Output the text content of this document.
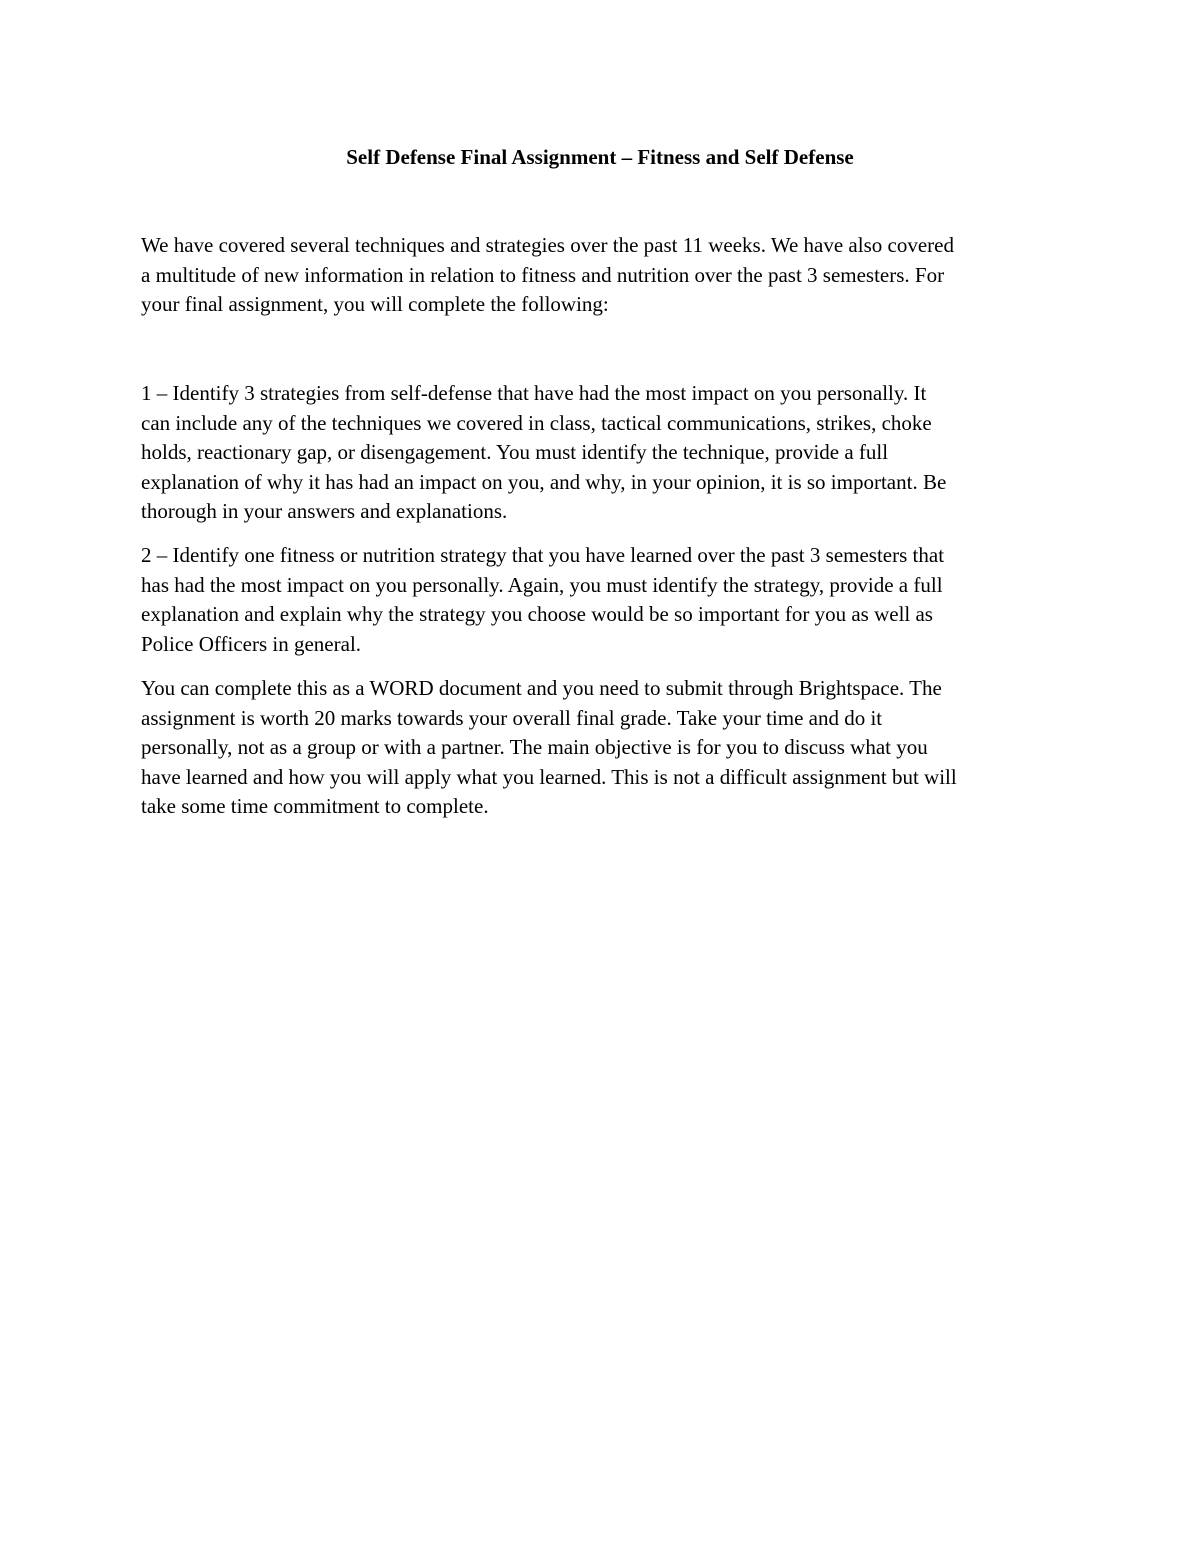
Self Defense Final Assignment – Fitness and Self Defense

We have covered several techniques and strategies over the past 11 weeks. We have also covered
a multitude of new information in relation to fitness and nutrition over the past 3 semesters. For
your final assignment, you will complete the following:

1 – Identify 3 strategies from self-defense that have had the most impact on you personally. It
can include any of the techniques we covered in class, tactical communications, strikes, choke
holds, reactionary gap, or disengagement. You must identify the technique, provide a full
explanation of why it has had an impact on you, and why, in your opinion, it is so important. Be
thorough in your answers and explanations.

2 – Identify one fitness or nutrition strategy that you have learned over the past 3 semesters that
has had the most impact on you personally. Again, you must identify the strategy, provide a full
explanation and explain why the strategy you choose would be so important for you as well as
Police Officers in general.

You can complete this as a WORD document and you need to submit through Brightspace. The
assignment is worth 20 marks towards your overall final grade. Take your time and do it
personally, not as a group or with a partner. The main objective is for you to discuss what you
have learned and how you will apply what you learned. This is not a difficult assignment but will
take some time commitment to complete.
